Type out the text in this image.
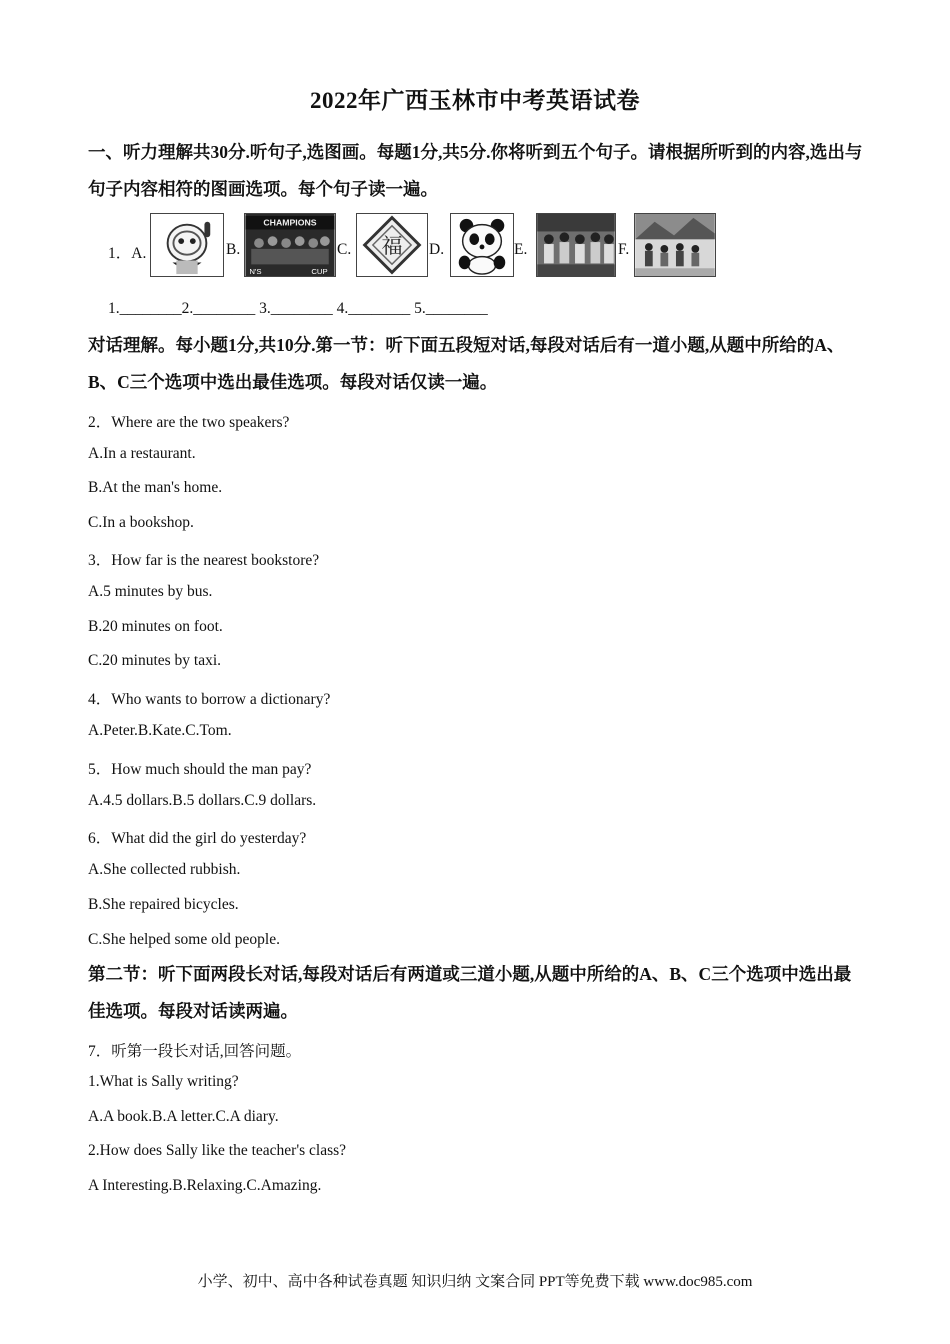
2022年广西玉林市中考英语试卷
一、听力理解共30分.听句子,选图画。每题1分,共5分.你将听到五个句子。请根据所听到的内容,选出与句子内容相符的图画选项。每个句子读一遍。
1．A.	B.
CHAMPIONS
N'S	CUP
C. 福 D.	E.	F.
1.________2.________ 3.________ 4.________ 5.________
对话理解。每小题1分,共10分.第一节：听下面五段短对话,每段对话后有一道小题,从题中所给的A、B、C三个选项中选出最佳选项。每段对话仅读一遍。
2．Where are the two speakers?
A.In a restaurant.
B.At the man's home.
C.In a bookshop.
3．How far is the nearest bookstore?
A.5 minutes by bus.
B.20 minutes on foot.
C.20 minutes by taxi.
4．Who wants to borrow a dictionary?
A.Peter.B.Kate.C.Tom.
5．How much should the man pay?
A.4.5 dollars.B.5 dollars.C.9 dollars.
6．What did the girl do yesterday?
A.She collected rubbish.
B.She repaired bicycles.
C.She helped some old people.
第二节：听下面两段长对话,每段对话后有两道或三道小题,从题中所给的A、B、C三个选项中选出最佳选项。每段对话读两遍。
7．听第一段长对话,回答问题。
1.What is Sally writing?
A.A book.B.A letter.C.A diary.
2.How does Sally like the teacher's class?
A Interesting.B.Relaxing.C.Amazing.
小学、初中、高中各种试卷真题 知识归纳 文案合同 PPT等免费下载 www.doc985.com
